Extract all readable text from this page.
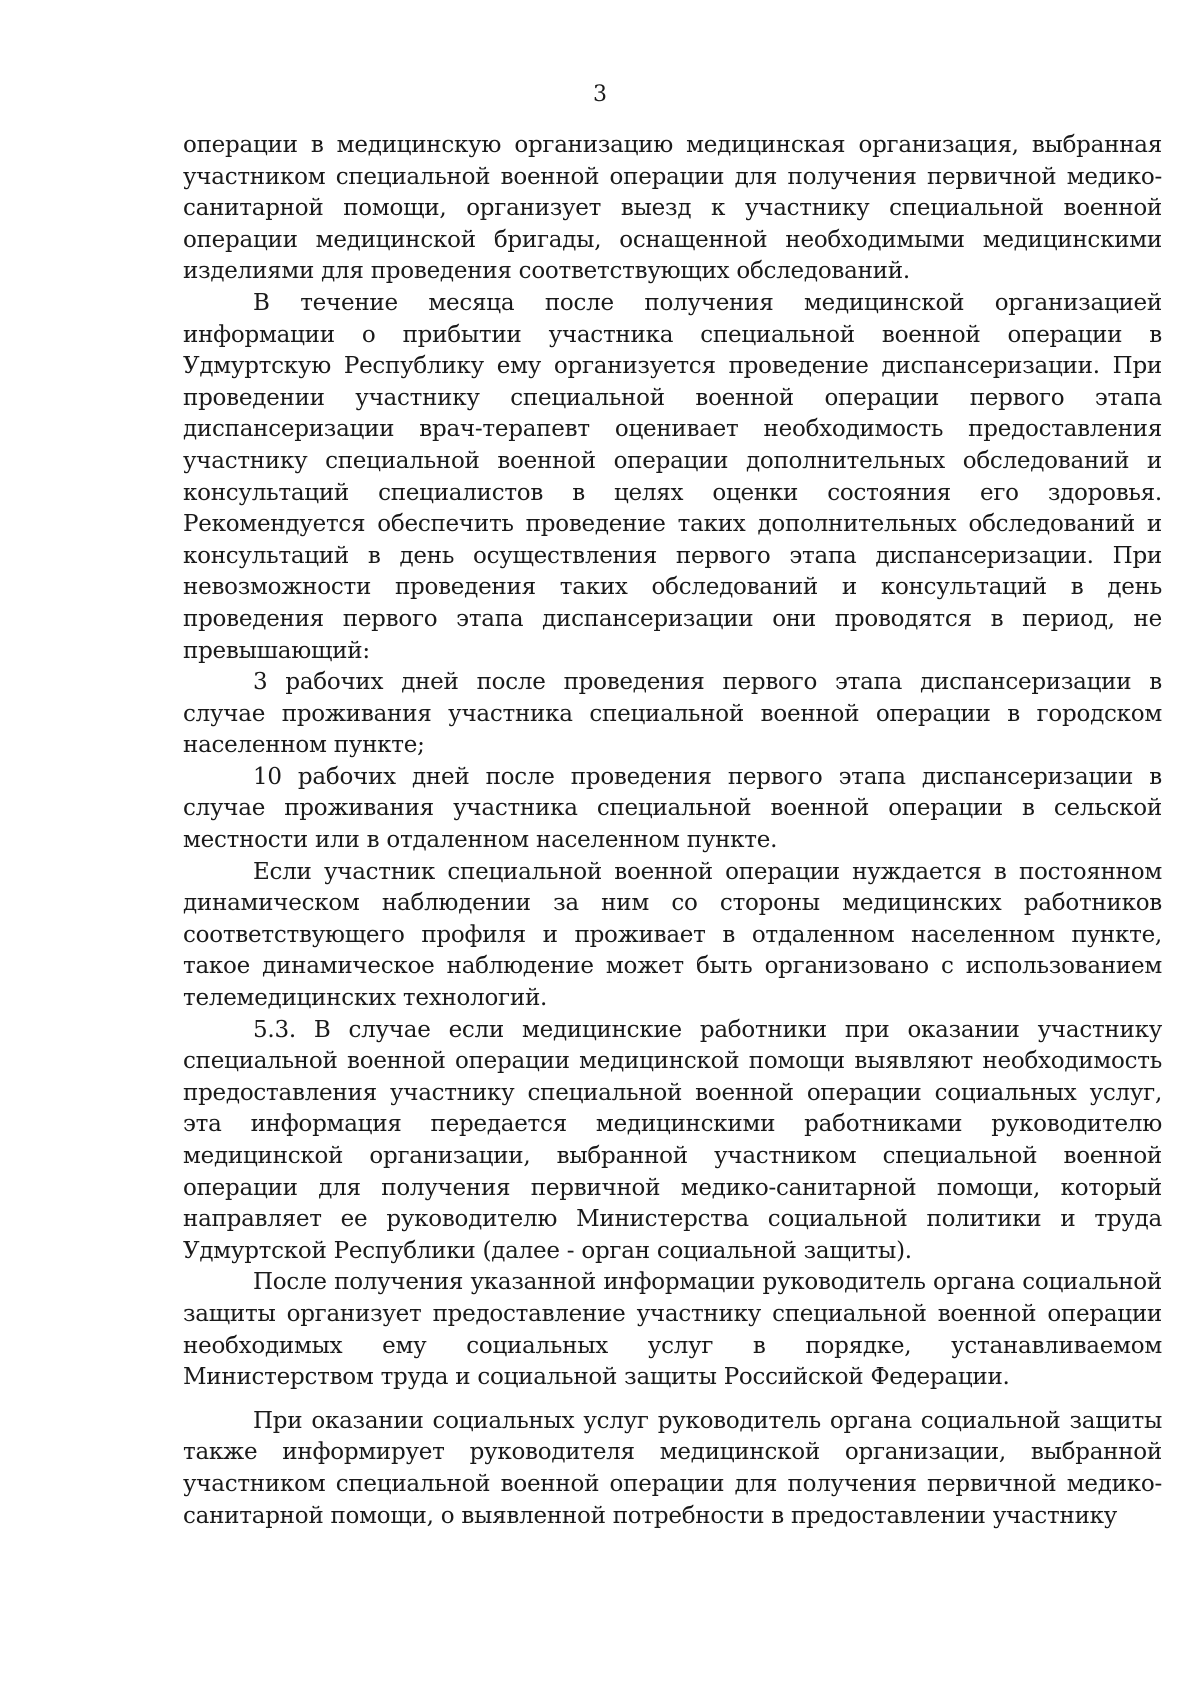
3

операции в медицинскую организацию медицинская организация, выбранная участником специальной военной операции для получения первичной медико-санитарной помощи, организует выезд к участнику специальной военной операции медицинской бригады, оснащенной необходимыми медицинскими изделиями для проведения соответствующих обследований.

В течение месяца после получения медицинской организацией информации о прибытии участника специальной военной операции в Удмуртскую Республику ему организуется проведение диспансеризации. При проведении участнику специальной военной операции первого этапа диспансеризации врач-терапевт оценивает необходимость предоставления участнику специальной военной операции дополнительных обследований и консультаций специалистов в целях оценки состояния его здоровья. Рекомендуется обеспечить проведение таких дополнительных обследований и консультаций в день осуществления первого этапа диспансеризации. При невозможности проведения таких обследований и консультаций в день проведения первого этапа диспансеризации они проводятся в период, не превышающий:

3 рабочих дней после проведения первого этапа диспансеризации в случае проживания участника специальной военной операции в городском населенном пункте;

10 рабочих дней после проведения первого этапа диспансеризации в случае проживания участника специальной военной операции в сельской местности или в отдаленном населенном пункте.

Если участник специальной военной операции нуждается в постоянном динамическом наблюдении за ним со стороны медицинских работников соответствующего профиля и проживает в отдаленном населенном пункте, такое динамическое наблюдение может быть организовано с использованием телемедицинских технологий.

5.3. В случае если медицинские работники при оказании участнику специальной военной операции медицинской помощи выявляют необходимость предоставления участнику специальной военной операции социальных услуг, эта информация передается медицинскими работниками руководителю медицинской организации, выбранной участником специальной военной операции для получения первичной медико-санитарной помощи, который направляет ее руководителю Министерства социальной политики и труда Удмуртской Республики (далее - орган социальной защиты).

После получения указанной информации руководитель органа социальной защиты организует предоставление участнику специальной военной операции необходимых ему социальных услуг в порядке, устанавливаемом Министерством труда и социальной защиты Российской Федерации.

При оказании социальных услуг руководитель органа социальной защиты также информирует руководителя медицинской организации, выбранной участником специальной военной операции для получения первичной медико-санитарной помощи, о выявленной потребности в предоставлении участнику
